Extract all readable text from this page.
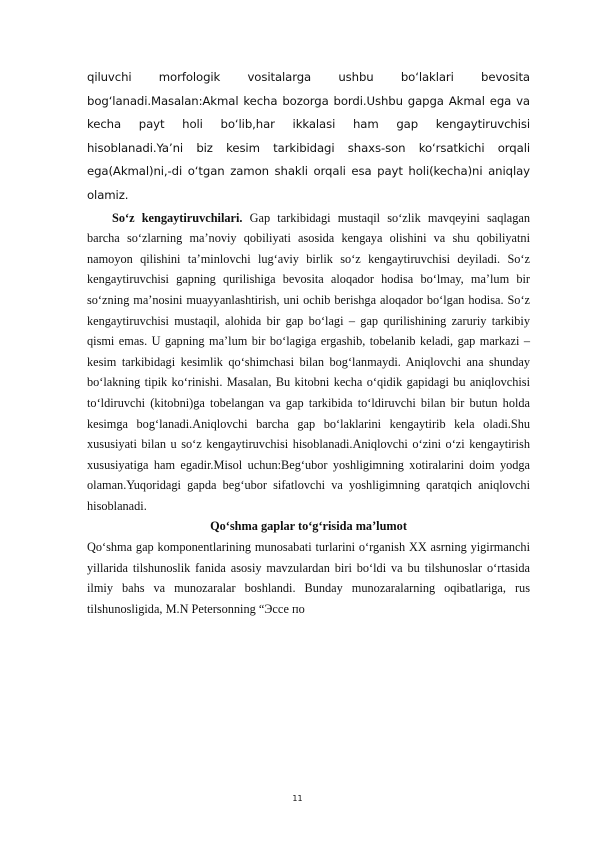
qiluvchi morfologik vositalarga ushbu bo‘laklari bevosita bog‘lanadi.Masalan:Akmal kecha bozorga bordi.Ushbu gapga Akmal ega va kecha payt holi bo‘lib,har ikkalasi ham gap kengaytiruvchisi hisoblanadi.Ya’ni biz kesim tarkibidagi shaxs-son ko‘rsatkichi orqali ega(Akmal)ni,-di o‘tgan zamon shakli orqali esa payt holi(kecha)ni aniqlay olamiz.

So‘z kengaytiruvchilari. Gap tarkibidagi mustaqil so‘zlik mavqeyini saqlagan barcha so‘zlarning ma’noviy qobiliyati asosida kengaya olishini va shu qobiliyatni namoyon qilishini ta’minlovchi lug‘aviy birlik so‘z kengaytiruvchisi deyiladi. So‘z kengaytiruvchisi gapning qurilishiga bevosita aloqador hodisa bo‘lmay, ma’lum bir so‘zning ma’nosini muayyanlashtirish, uni ochib berishga aloqador bo‘lgan hodisa. So‘z kengaytiruvchisi mustaqil, alohida bir gap bo‘lagi – gap qurilishining zaruriy tarkibiy qismi emas. U gapning ma’lum bir bo‘lagiga ergashib, tobelanib keladi, gap markazi – kesim tarkibidagi kesimlik qo‘shimchasi bilan bog‘lanmaydi. Aniqlovchi ana shunday bo‘lakning tipik ko‘rinishi. Masalan, Bu kitobni kecha o‘qidik gapidagi bu aniqlovchisi to‘ldiruvchi (kitobni)ga tobelangan va gap tarkibida to‘ldiruvchi bilan bir butun holda kesimga bog‘lanadi.Aniqlovchi barcha gap bo‘laklarini kengaytirib kela oladi.Shu xususiyati bilan u so‘z kengaytiruvchisi hisoblanadi.Aniqlovchi o‘zini o‘zi kengaytirish xususiyatiga ham egadir.Misol uchun:Beg‘ubor yoshligimning xotiralarini doim yodga olaman.Yuqoridagi gapda beg‘ubor sifatlovchi va yoshligimning qaratqich aniqlovchi hisoblanadi.

Qo‘shma gaplar to‘g‘risida ma’lumot

Qo‘shma gap komponentlarining munosabati turlarini o‘rganish XX asrning yigirmanchi yillarida tilshunoslik fanida asosiy mavzulardan biri bo‘ldi va bu tilshunoslar o‘rtasida ilmiy bahs va munozaralar boshlandi. Bunday munozaralarning oqibatlariga, rus tilshunosligida, M.N Petersonning “Эссе по

11
